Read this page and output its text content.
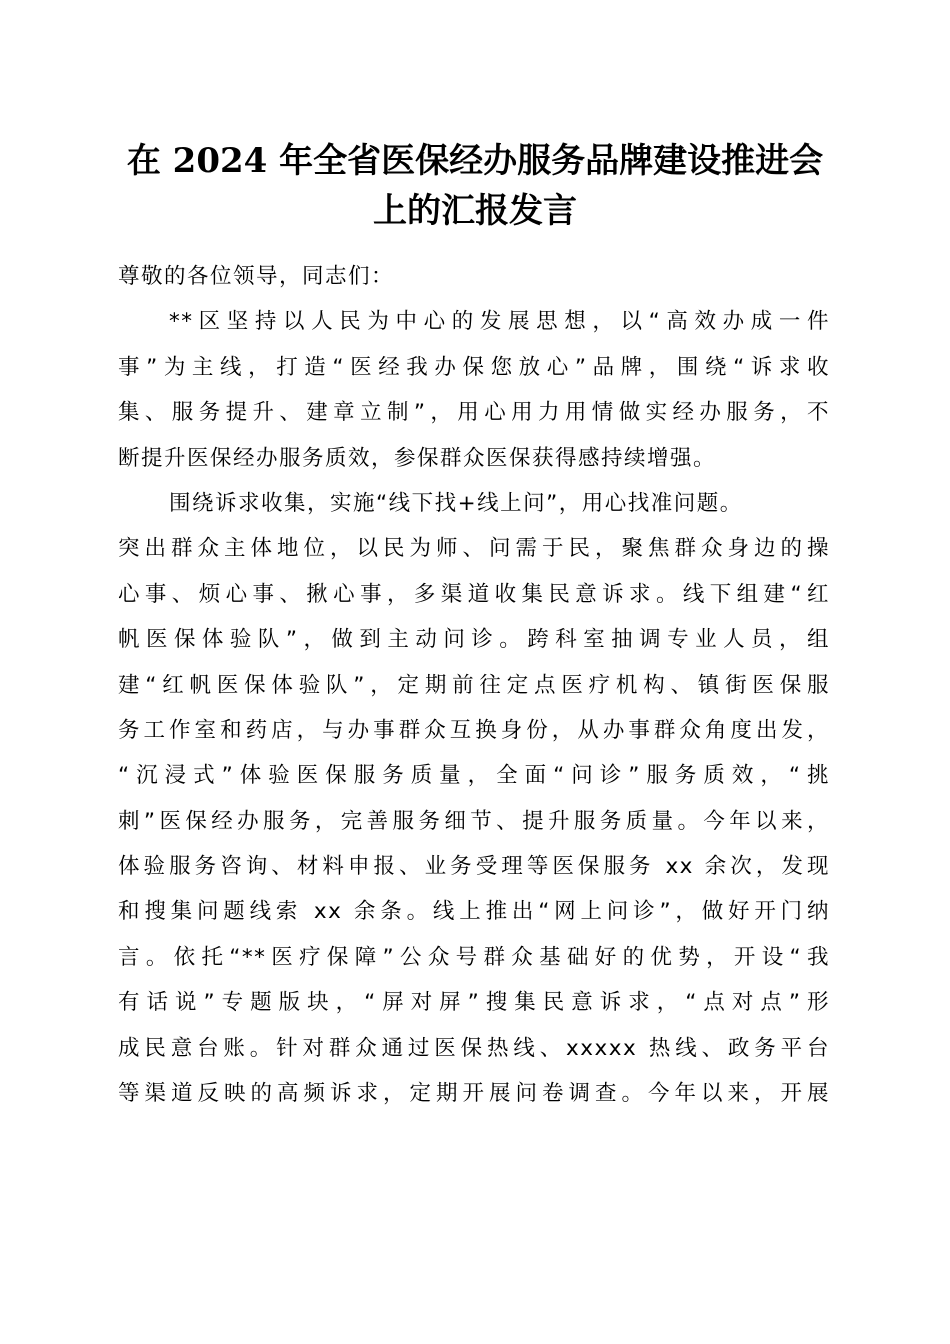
在 2024 年全省医保经办服务品牌建设推进会
上的汇报发言
尊敬的各位领导，同志们：
**区坚持以人民为中心的发展思想，以“高效办成一件
事”为主线，打造“医经我办保您放心”品牌，围绕“诉求收
集、服务提升、建章立制”，用心用力用情做实经办服务，不
断提升医保经办服务质效，参保群众医保获得感持续增强。
围绕诉求收集，实施“线下找+线上问”，用心找准问题。
突出群众主体地位，以民为师、问需于民，聚焦群众身边的操
心事、烦心事、揪心事，多渠道收集民意诉求。线下组建“红
帆医保体验队”，做到主动问诊。跨科室抽调专业人员，组
建“红帆医保体验队”，定期前往定点医疗机构、镇街医保服
务工作室和药店，与办事群众互换身份，从办事群众角度出发，
“沉浸式”体验医保服务质量，全面“问诊”服务质效，“挑
刺”医保经办服务，完善服务细节、提升服务质量。今年以来，
体验服务咨询、材料申报、业务受理等医保服务 xx 余次，发现
和搜集问题线索 xx 余条。线上推出“网上问诊”，做好开门纳
言。依托“**医疗保障”公众号群众基础好的优势，开设“我
有话说”专题版块，“屏对屏”搜集民意诉求，“点对点”形
成民意台账。针对群众通过医保热线、xxxxx 热线、政务平台
等渠道反映的高频诉求，定期开展问卷调查。今年以来，开展
